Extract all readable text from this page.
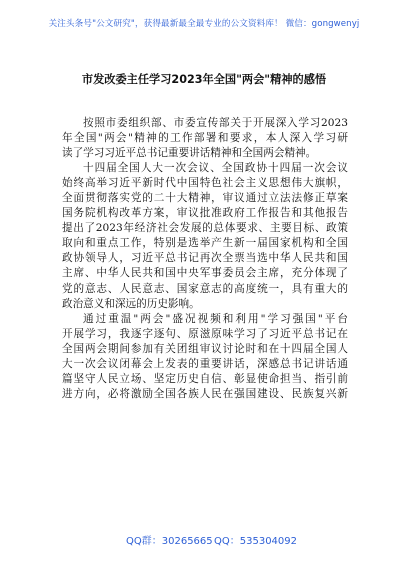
关注头条号"公文研究"，获得最新最全最专业的公文资料库！ 微信：gongwenyj
市发改委主任学习2023年全国"两会"精神的感悟
按照市委组织部、市委宣传部关于开展深入学习2023
年全国"两会"精神的工作部署和要求，本人深入学习研
读了学习习近平总书记重要讲话精神和全国两会精神。
十四届全国人大一次会议、全国政协十四届一次会议
始终高举习近平新时代中国特色社会主义思想伟大旗帜，
全面贯彻落实党的二十大精神，审议通过立法法修正草案
国务院机构改革方案，审议批准政府工作报告和其他报告
提出了2023年经济社会发展的总体要求、主要目标、政策
取向和重点工作，特别是选举产生新一届国家机构和全国
政协领导人，习近平总书记再次全票当选中华人民共和国
主席、中华人民共和国中央军事委员会主席，充分体现了
党的意志、人民意志、国家意志的高度统一，具有重大的
政治意义和深远的历史影响。
通过重温"两会"盛况视频和利用"学习强国"平台
开展学习，我逐字逐句、原滋原味学习了习近平总书记在
全国两会期间参加有关团组审议讨论时和在十四届全国人
大一次会议闭幕会上发表的重要讲话，深感总书记讲话通
篇坚守人民立场、坚定历史自信、彰显使命担当、指引前
进方向，必将激励全国各族人民在强国建设、民族复兴新
QQ群：30265665 QQ：535304092
